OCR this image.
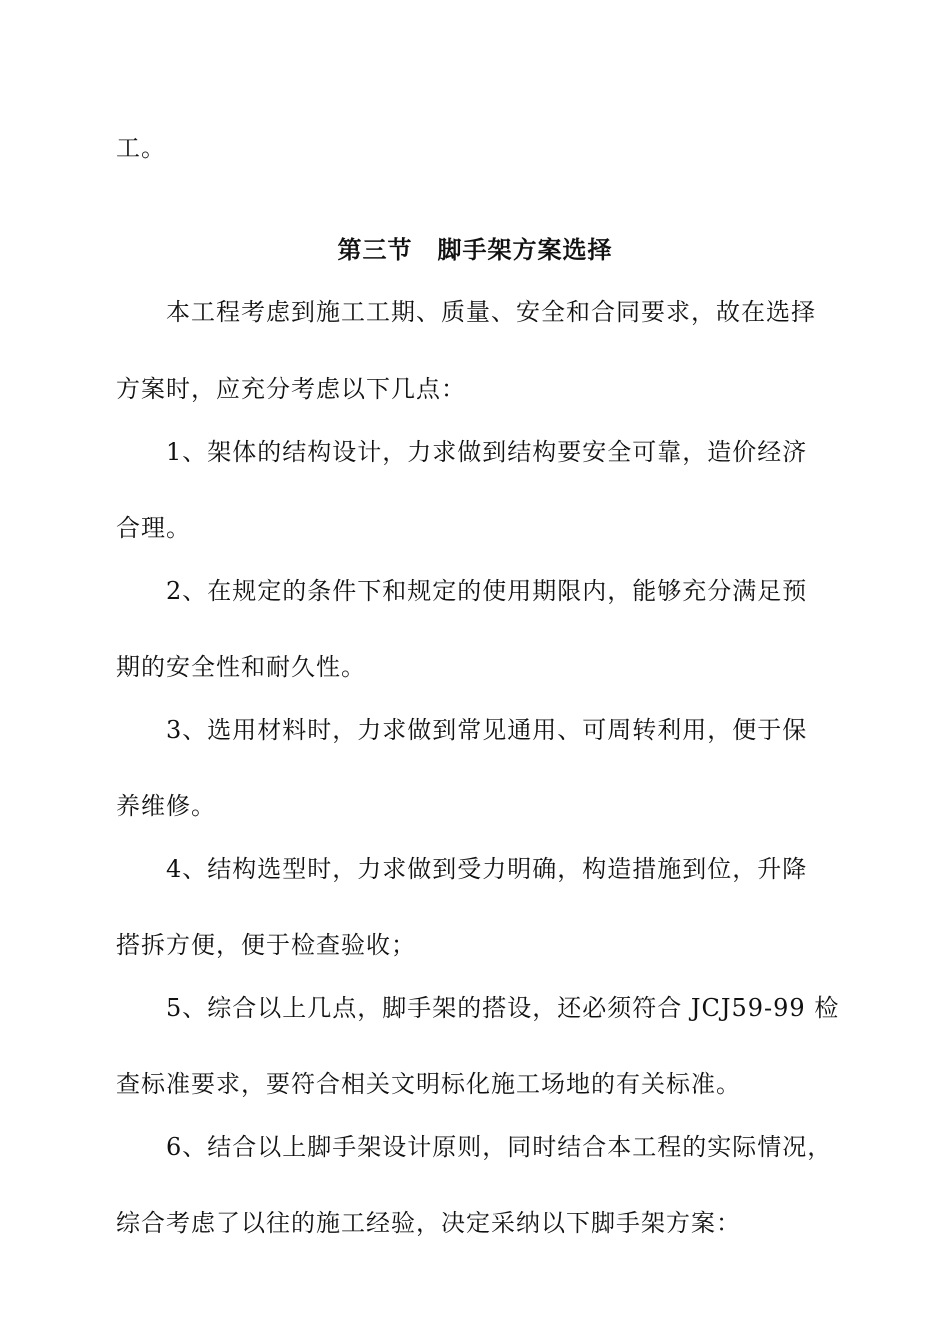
工。
第三节　脚手架方案选择
本工程考虑到施工工期、质量、安全和合同要求，故在选择
方案时，应充分考虑以下几点：
1、架体的结构设计，力求做到结构要安全可靠，造价经济
合理。
2、在规定的条件下和规定的使用期限内，能够充分满足预
期的安全性和耐久性。
3、选用材料时，力求做到常见通用、可周转利用，便于保
养维修。
4、结构选型时，力求做到受力明确，构造措施到位，升降
搭拆方便，便于检查验收；
5、综合以上几点，脚手架的搭设，还必须符合 JCJ59-99 检
查标准要求，要符合相关文明标化施工场地的有关标准。
6、结合以上脚手架设计原则，同时结合本工程的实际情况，
综合考虑了以往的施工经验，决定采纳以下脚手架方案：
